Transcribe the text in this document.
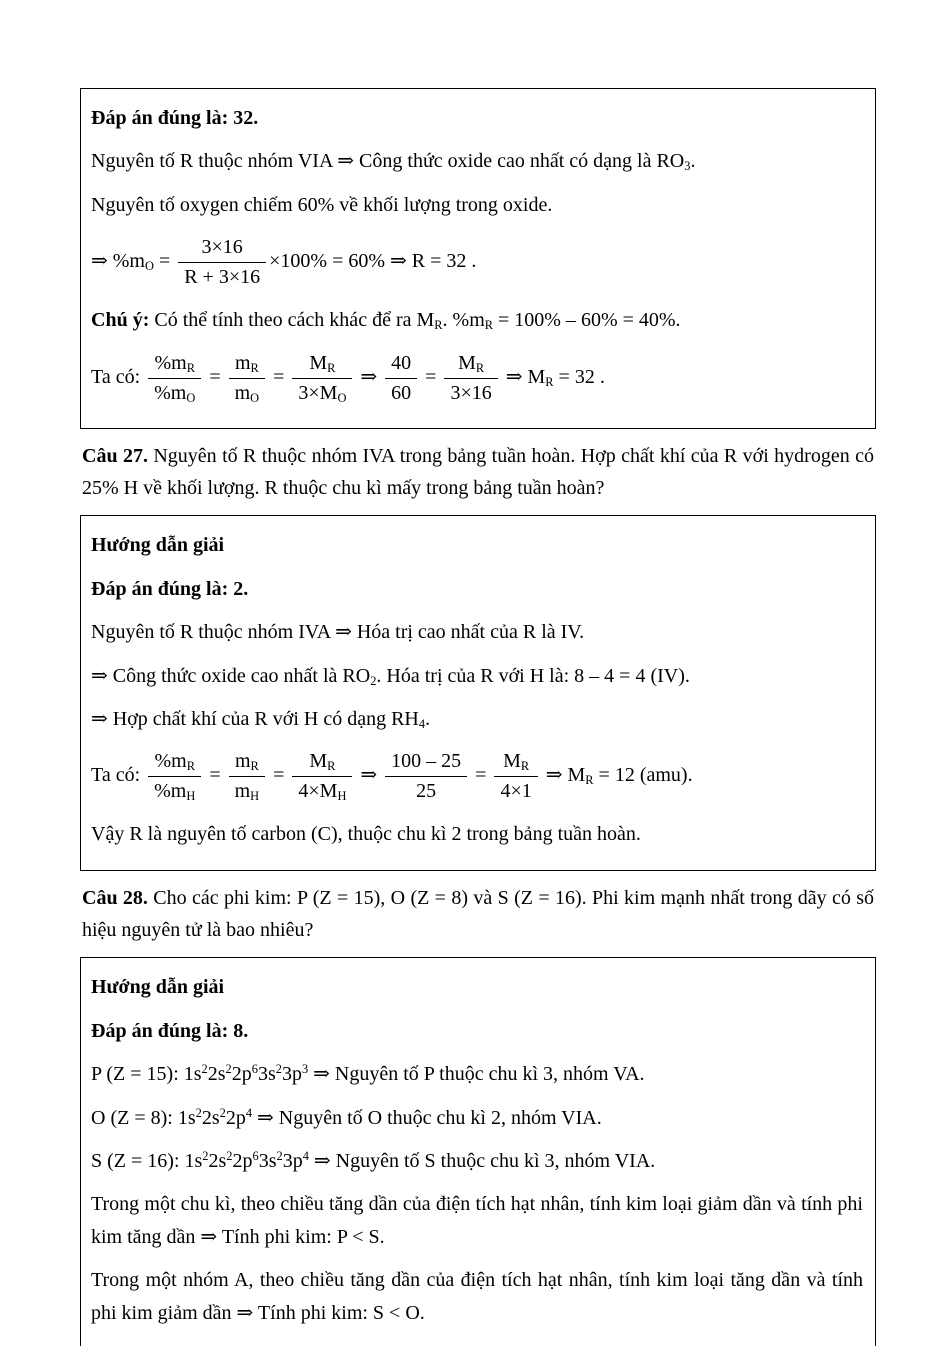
Đáp án đúng là: 32.
Nguyên tố R thuộc nhóm VIA ⇒ Công thức oxide cao nhất có dạng là $RO_3$.
Nguyên tố oxygen chiếm 60% về khối lượng trong oxide.
⇒ $\%m_O = \frac{3\times 16}{R + 3\times 16} \times 100\% = 60\%$ ⇒ R = 32 .
Chú ý: Có thể tính theo cách khác để ra $M_R$. $\%m_R = 100\% - 60\% = 40\%$.
Ta có: $\frac{\%m_R}{\%m_O} = \frac{m_R}{m_O} = \frac{M_R}{3\times M_O}$ ⇒ $\frac{40}{60} = \frac{M_R}{3\times 16}$ ⇒ $M_R = 32$ .
Câu 27. Nguyên tố R thuộc nhóm IVA trong bảng tuần hoàn. Hợp chất khí của R với hydrogen có 25% H về khối lượng. R thuộc chu kì mấy trong bảng tuần hoàn?
Hướng dẫn giải
Đáp án đúng là: 2.
Nguyên tố R thuộc nhóm IVA ⇒ Hóa trị cao nhất của R là IV.
⇒ Công thức oxide cao nhất là $RO_2$. Hóa trị của R với H là: 8 – 4 = 4 (IV).
⇒ Hợp chất khí của R với H có dạng $RH_4$.
Ta có: $\frac{\%m_R}{\%m_H} = \frac{m_R}{m_H} = \frac{M_R}{4\times M_H}$ ⇒ $\frac{100 - 25}{25} = \frac{M_R}{4\times 1}$ ⇒ $M_R = 12$ (amu).
Vậy R là nguyên tố carbon (C), thuộc chu kì 2 trong bảng tuần hoàn.
Câu 28. Cho các phi kim: P (Z = 15), O (Z = 8) và S (Z = 16). Phi kim mạnh nhất trong dãy có số hiệu nguyên tử là bao nhiêu?
Hướng dẫn giải
Đáp án đúng là: 8.
P (Z = 15): $1s^22s^22p^63s^23p^3$ ⇒ Nguyên tố P thuộc chu kì 3, nhóm VA.
O (Z = 8): $1s^22s^22p^4$ ⇒ Nguyên tố O thuộc chu kì 2, nhóm VIA.
S (Z = 16): $1s^22s^22p^63s^23p^4$ ⇒ Nguyên tố S thuộc chu kì 3, nhóm VIA.
Trong một chu kì, theo chiều tăng dần của điện tích hạt nhân, tính kim loại giảm dần và tính phi kim tăng dần ⇒ Tính phi kim: P < S.
Trong một nhóm A, theo chiều tăng dần của điện tích hạt nhân, tính kim loại tăng dần và tính phi kim giảm dần ⇒ Tính phi kim: S < O.
